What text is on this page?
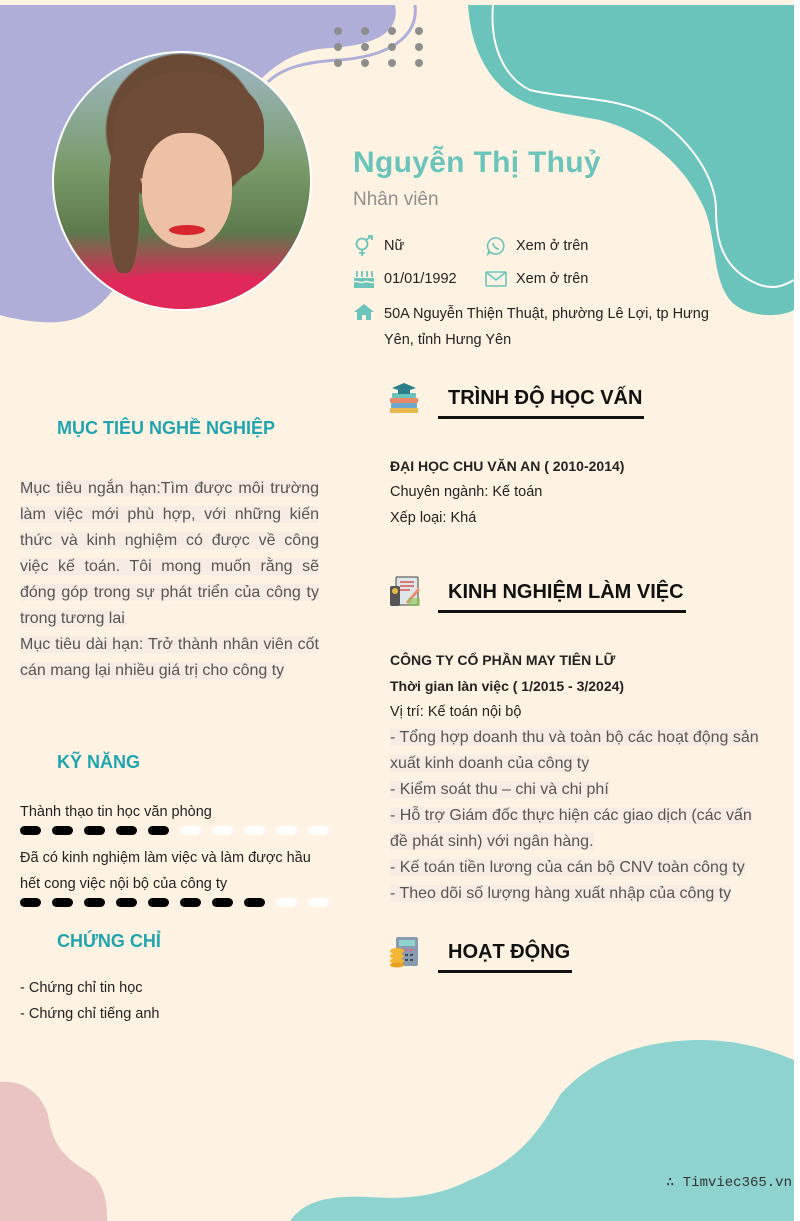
Nguyễn Thị Thuỷ
Nhân viên
Nữ	Xem ở trên
01/01/1992	Xem ở trên
50A Nguyễn Thiện Thuật, phường Lê Lợi, tp Hưng Yên, tỉnh Hưng Yên
MỤC TIÊU NGHỀ NGHIỆP
Mục tiêu ngắn hạn:Tìm được môi trường làm việc mới phù hợp, với những kiến thức và kinh nghiệm có được về công việc kế toán. Tôi mong muốn rằng sẽ đóng góp trong sự phát triển của công ty trong tương lai
Mục tiêu dài hạn: Trở thành nhân viên cốt cán mang lại nhiều giá trị cho công ty
KỸ NĂNG
Thành thạo tin học văn phòng
Đã có kinh nghiệm làm việc và làm được hầu hết cong việc nội bộ của công ty
CHỨNG CHỈ
- Chứng chỉ tin học
- Chứng chỉ tiếng anh
TRÌNH ĐỘ HỌC VẤN
ĐẠI HỌC CHU VĂN AN ( 2010-2014)
Chuyên ngành: Kế toán
Xếp loại: Khá
KINH NGHIỆM LÀM VIỆC
CÔNG TY CỔ PHẦN MAY TIÊN LỮ
Thời gian làn việc ( 1/2015 - 3/2024)
Vị trí: Kế toán nội bộ
- Tổng hợp doanh thu và toàn bộ các hoạt động sản xuất kinh doanh của công ty
- Kiểm soát thu – chi và chi phí
- Hỗ trợ Giám đốc thực hiện các giao dịch (các vấn đề phát sinh) với ngân hàng.
- Kế toán tiền lương của cán bộ CNV toàn công ty
- Theo dõi số lượng hàng xuất nhập của công ty
HOẠT ĐỘNG
∴ Timviec365.vn
